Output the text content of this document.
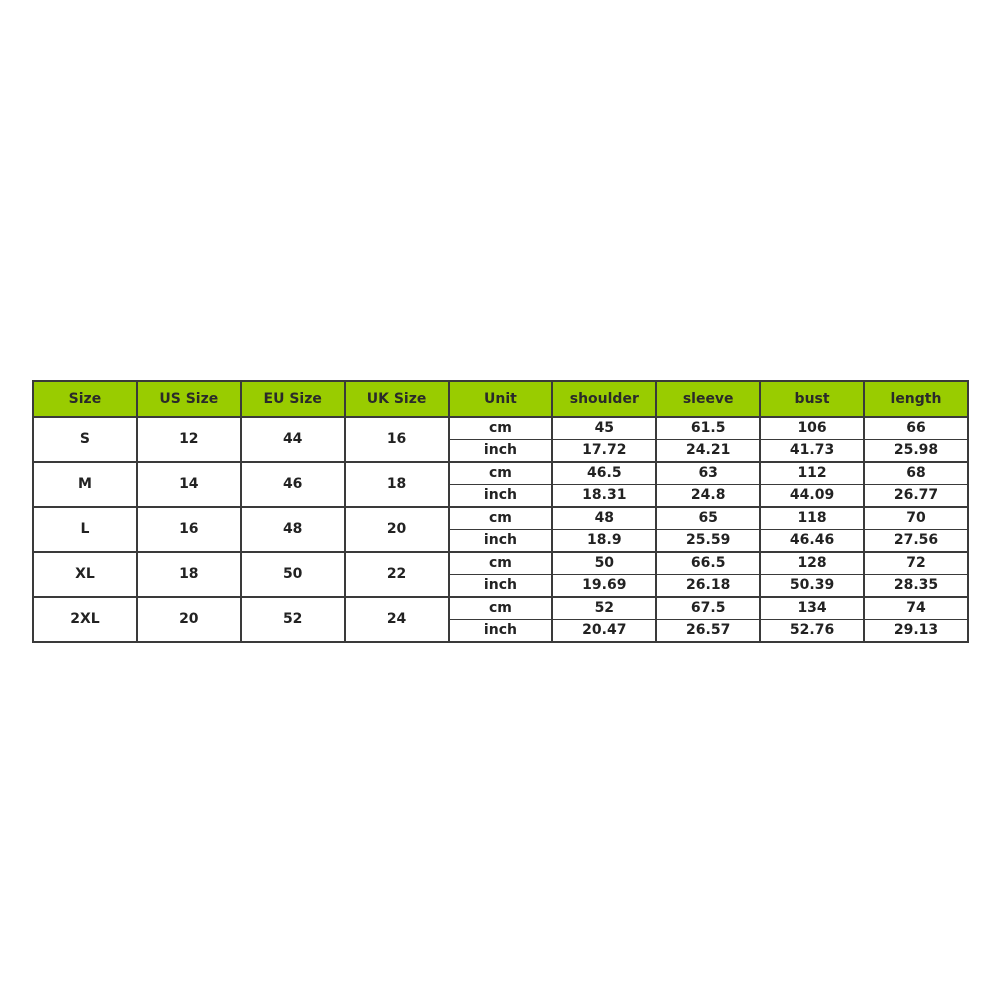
Size	US Size	EU Size	UK Size	Unit	shoulder	sleeve	bust	length
S	12	44	16	cm	45	61.5	106	66
				inch	17.72	24.21	41.73	25.98
M	14	46	18	cm	46.5	63	112	68
				inch	18.31	24.8	44.09	26.77
L	16	48	20	cm	48	65	118	70
				inch	18.9	25.59	46.46	27.56
XL	18	50	22	cm	50	66.5	128	72
				inch	19.69	26.18	50.39	28.35
2XL	20	52	24	cm	52	67.5	134	74
				inch	20.47	26.57	52.76	29.13
